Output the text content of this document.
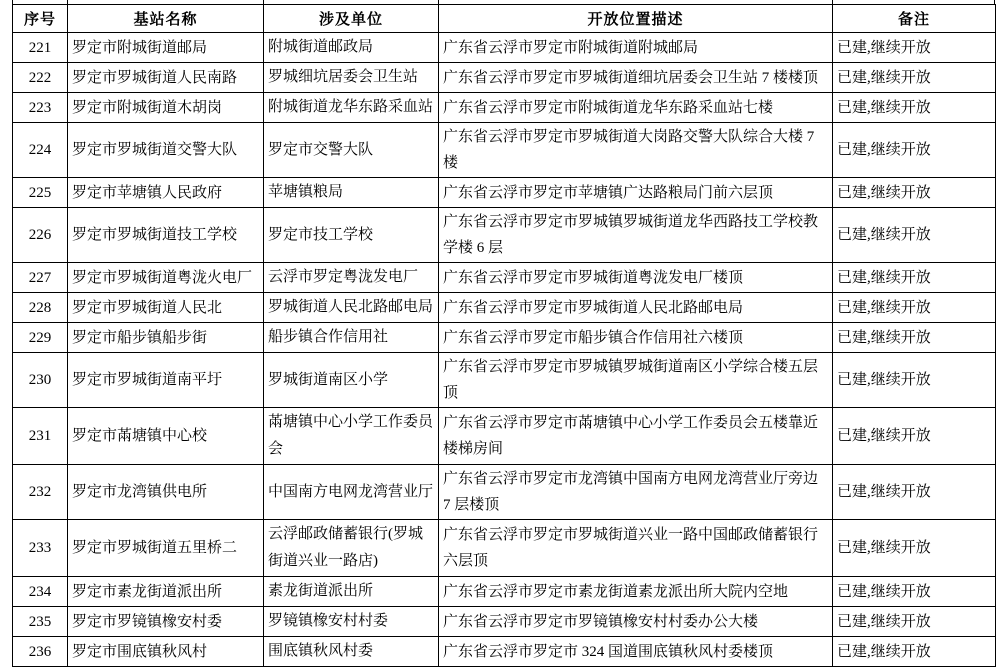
序号	基站名称	涉及单位	开放位置描述	备注
221	罗定市附城街道邮局	附城街道邮政局	广东省云浮市罗定市附城街道附城邮局	已建,继续开放
222	罗定市罗城街道人民南路	罗城细坑居委会卫生站	广东省云浮市罗定市罗城街道细坑居委会卫生站 7 楼楼顶	已建,继续开放
223	罗定市附城街道木胡岗	附城街道龙华东路采血站	广东省云浮市罗定市附城街道龙华东路采血站七楼	已建,继续开放
224	罗定市罗城街道交警大队	罗定市交警大队	广东省云浮市罗定市罗城街道大岗路交警大队综合大楼 7 楼	已建,继续开放
225	罗定市苹塘镇人民政府	苹塘镇粮局	广东省云浮市罗定市苹塘镇广达路粮局门前六层顶	已建,继续开放
226	罗定市罗城街道技工学校	罗定市技工学校	广东省云浮市罗定市罗城镇罗城街道龙华西路技工学校教学楼 6 层	已建,继续开放
227	罗定市罗城街道粤泷火电厂	云浮市罗定粤泷发电厂	广东省云浮市罗定市罗城街道粤泷发电厂楼顶	已建,继续开放
228	罗定市罗城街道人民北	罗城街道人民北路邮电局	广东省云浮市罗定市罗城街道人民北路邮电局	已建,继续开放
229	罗定市船步镇船步街	船步镇合作信用社	广东省云浮市罗定市船步镇合作信用社六楼顶	已建,继续开放
230	罗定市罗城街道南平圩	罗城街道南区小学	广东省云浮市罗定市罗城镇罗城街道南区小学综合楼五层顶	已建,继续开放
231	罗定市㒼塘镇中心校	㒼塘镇中心小学工作委员会	广东省云浮市罗定市㒼塘镇中心小学工作委员会五楼靠近楼梯房间	已建,继续开放
232	罗定市龙湾镇供电所	中国南方电网龙湾营业厅	广东省云浮市罗定市龙湾镇中国南方电网龙湾营业厅旁边 7 层楼顶	已建,继续开放
233	罗定市罗城街道五里桥二	云浮邮政储蓄银行(罗城街道兴业一路店)	广东省云浮市罗定市罗城街道兴业一路中国邮政储蓄银行六层顶	已建,继续开放
234	罗定市素龙街道派出所	素龙街道派出所	广东省云浮市罗定市素龙街道素龙派出所大院内空地	已建,继续开放
235	罗定市罗镜镇橡安村委	罗镜镇橡安村村委	广东省云浮市罗定市罗镜镇橡安村村委办公大楼	已建,继续开放
236	罗定市围底镇秋风村	围底镇秋风村委	广东省云浮市罗定市 324 国道围底镇秋风村委楼顶	已建,继续开放
